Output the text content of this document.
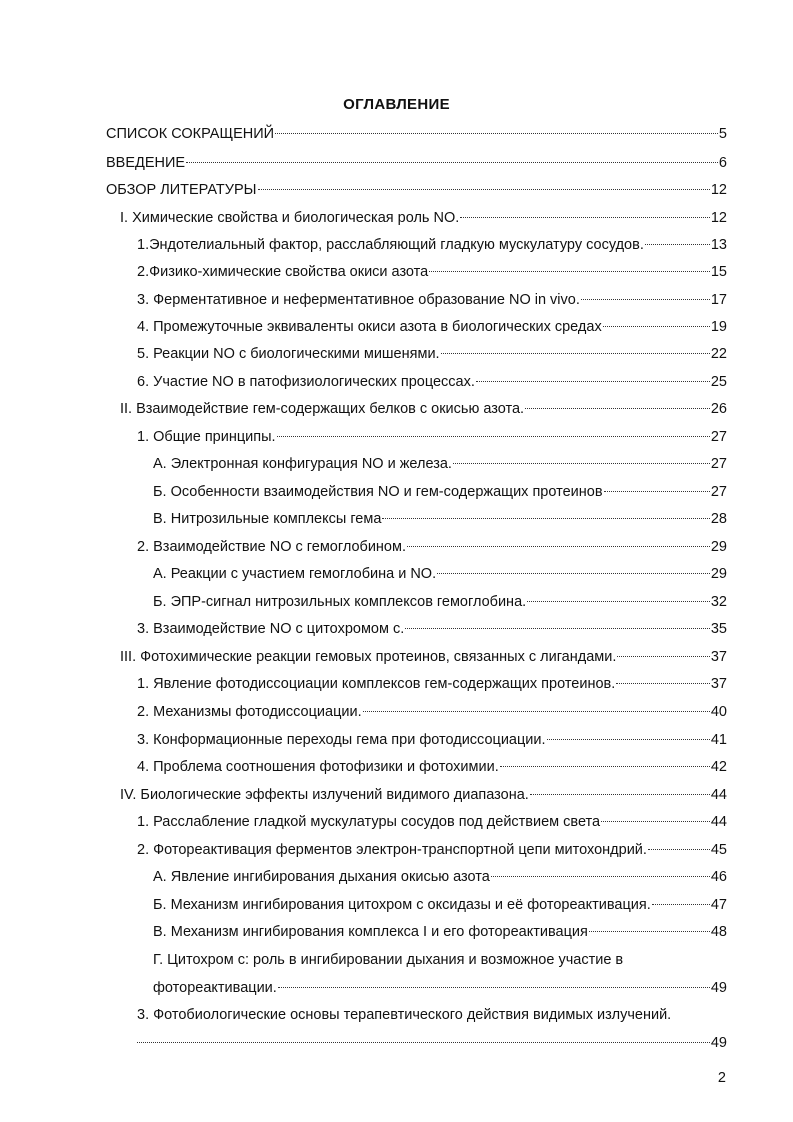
ОГЛАВЛЕНИЕ
СПИСОК СОКРАЩЕНИЙ	5
ВВЕДЕНИЕ	6
ОБЗОР ЛИТЕРАТУРЫ	12
I. Химические свойства и биологическая роль NO.	12
1.Эндотелиальный фактор, расслабляющий гладкую мускулатуру сосудов.	13
2.Физико-химические свойства окиси азота	15
3. Ферментативное и неферментативное образование NO in vivo.	17
4. Промежуточные эквиваленты окиси азота в биологических средах	19
5. Реакции NO с биологическими мишенями.	22
6. Участие NO в патофизиологических процессах.	25
II. Взаимодействие гем-содержащих белков с окисью азота.	26
1. Общие принципы.	27
А. Электронная конфигурация NO и железа.	27
Б. Особенности взаимодействия NO и гем-содержащих протеинов	27
В. Нитрозильные комплексы гема	28
2. Взаимодействие NO с гемоглобином.	29
А. Реакции с участием гемоглобина и NO.	29
Б. ЭПР-сигнал нитрозильных комплексов гемоглобина.	32
3. Взаимодействие NO с цитохромом с.	35
III. Фотохимические реакции гемовых протеинов, связанных с лигандами.	37
1. Явление фотодиссоциации комплексов гем-содержащих протеинов.	37
2. Механизмы фотодиссоциации.	40
3. Конформационные переходы гема при фотодиссоциации.	41
4. Проблема соотношения фотофизики и фотохимии.	42
IV. Биологические эффекты излучений видимого диапазона.	44
1. Расслабление гладкой мускулатуры сосудов под действием света	44
2. Фотореактивация ферментов электрон-транспортной цепи митохондрий.	45
А. Явление ингибирования дыхания окисью азота	46
Б. Механизм ингибирования цитохром с оксидазы и её фотореактивация.	47
В. Механизм ингибирования комплекса I и его фотореактивация	48
Г. Цитохром с: роль в ингибировании дыхания и возможное участие в
фотореактивации.	49
3. Фотобиологические основы терапевтического действия видимых излучений.
49
2
